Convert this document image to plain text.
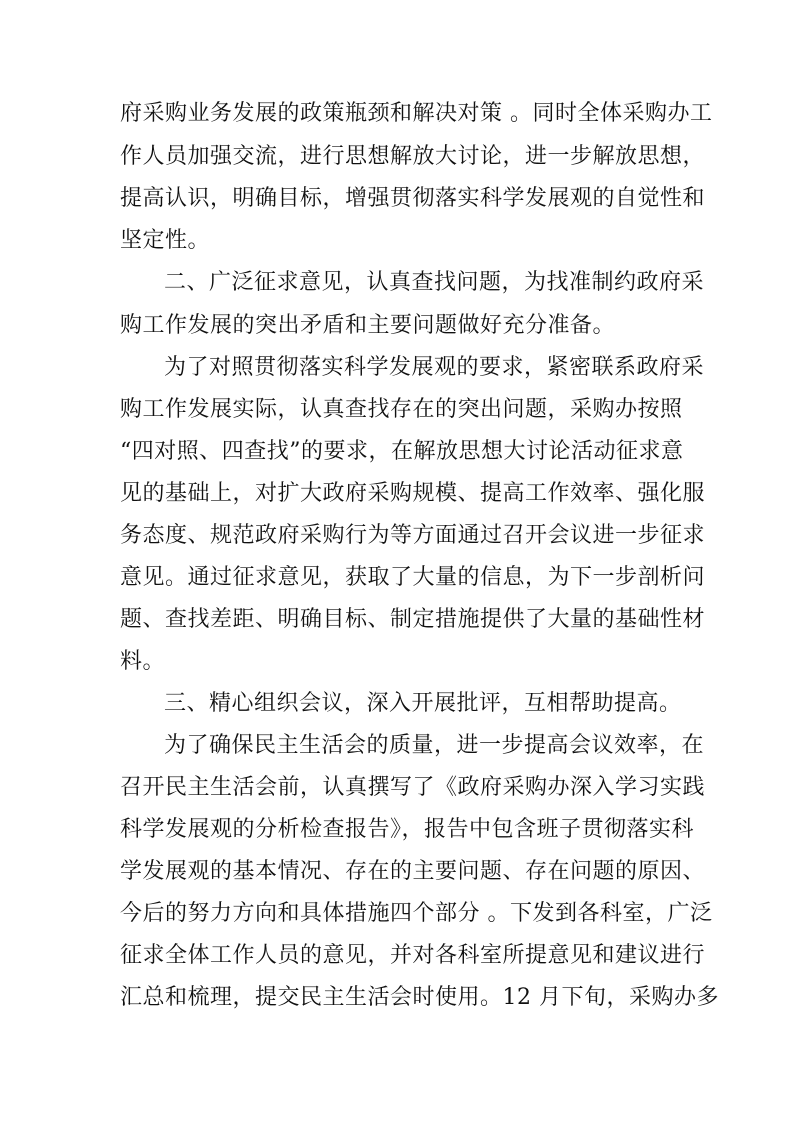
府采购业务发展的政策瓶颈和解决对策 。同时全体采购办工
作人员加强交流，进行思想解放大讨论，进一步解放思想，
提高认识，明确目标，增强贯彻落实科学发展观的自觉性和
坚定性。
二、广泛征求意见，认真查找问题，为找准制约政府采
购工作发展的突出矛盾和主要问题做好充分准备。
为了对照贯彻落实科学发展观的要求，紧密联系政府采
购工作发展实际，认真查找存在的突出问题，采购办按照
“四对照、四查找”的要求，在解放思想大讨论活动征求意
见的基础上，对扩大政府采购规模、提高工作效率、强化服
务态度、规范政府采购行为等方面通过召开会议进一步征求
意见。通过征求意见，获取了大量的信息，为下一步剖析问
题、查找差距、明确目标、制定措施提供了大量的基础性材
料。
三、精心组织会议，深入开展批评，互相帮助提高。
为了确保民主生活会的质量，进一步提高会议效率，在
召开民主生活会前，认真撰写了《政府采购办深入学习实践
科学发展观的分析检查报告》，报告中包含班子贯彻落实科
学发展观的基本情况、存在的主要问题、存在问题的原因、
今后的努力方向和具体措施四个部分 。下发到各科室，广泛
征求全体工作人员的意见，并对各科室所提意见和建议进行
汇总和梳理，提交民主生活会时使用。12 月下旬，采购办多
